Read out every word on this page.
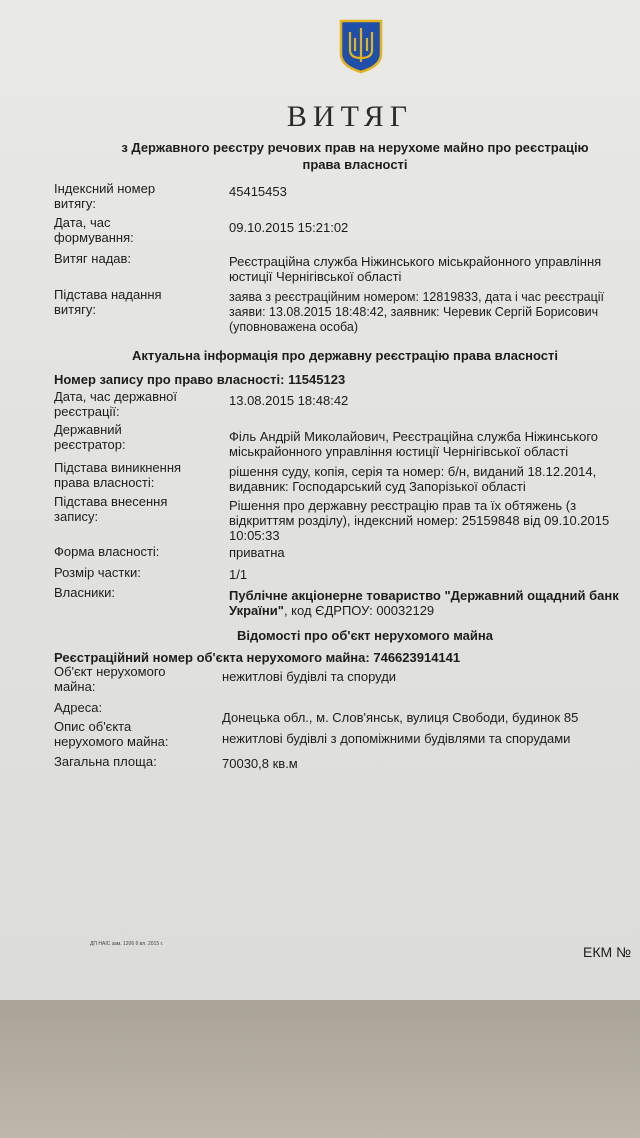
ВИТЯГ
з Державного реєстру речових прав на нерухоме майно про реєстрацію права власності
Індексний номер витягу:
45415453
Дата, час формування:
09.10.2015 15:21:02
Витяг надав:	Реєстраційна служба Ніжинського міськрайонного управління юстиції Чернігівської області
Підстава надання витягу:
заява з реєстраційним номером: 12819833, дата і час реєстрації заяви: 13.08.2015 18:48:42, заявник: Черевик Сергій Борисович (уповноважена особа)
Актуальна інформація про державну реєстрацію права власності
Номер запису про право власності: 11545123
Дата, час державної реєстрації:
13.08.2015 18:48:42
Державний реєстратор:
Філь Андрій Миколайович, Реєстраційна служба Ніжинського міськрайонного управління юстиції Чернігівської області
Підстава виникнення права власності:
рішення суду, копія, серія та номер: б/н, виданий 18.12.2014, видавник: Господарський суд Запорізької області
Підстава внесення запису:
Рішення про державну реєстрацію прав та їх обтяжень (з відкриттям розділу), індексний номер: 25159848 від 09.10.2015 10:05:33
Форма власності:	приватна
Розмір частки:	1/1
Власники:	Публічне акціонерне товариство "Державний ощадний банк України", код ЄДРПОУ: 00032129
Відомості про об'єкт нерухомого майна
Реєстраційний номер об'єкта нерухомого майна: 746623914141
Об'єкт нерухомого майна:
нежитлові будівлі та споруди
Адреса:
Донецька обл., м. Слов'янськ, вулиця Свободи, будинок 85
Опис об'єкта нерухомого майна:	нежитлові будівлі з допоміжними будівлями та спорудами
Загальна площа:	70030,8 кв.м
ДП НАІС зам. 1206 б вл. 2015 г.	ЕКМ №
